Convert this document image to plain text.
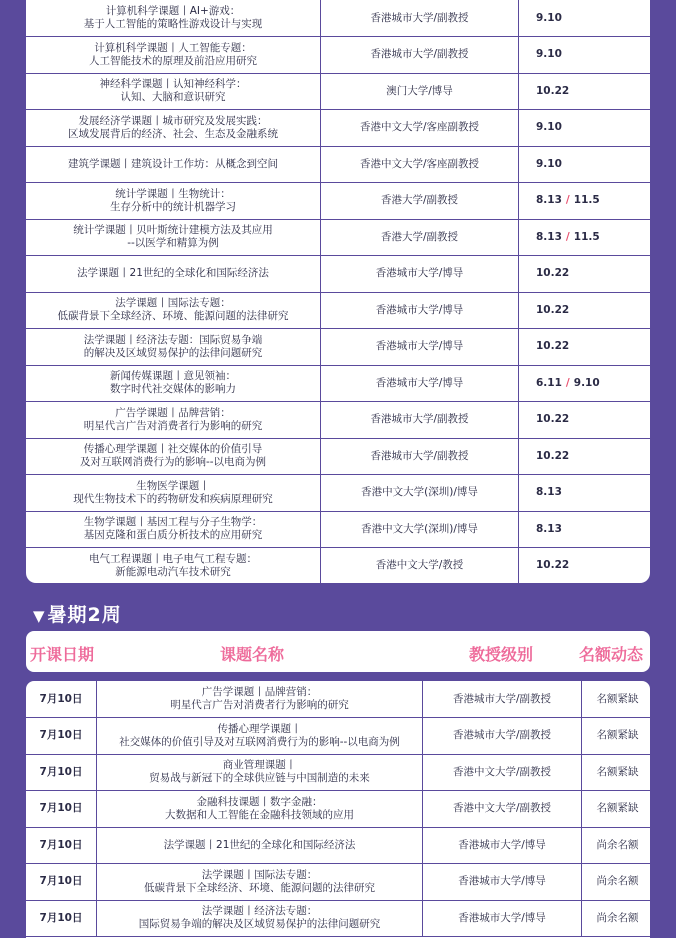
计算机科学课题丨AI+游戏：
基于人工智能的策略性游戏设计与实现	香港城市大学/副教授	9.10

计算机科学课题丨人工智能专题：
人工智能技术的原理及前沿应用研究	香港城市大学/副教授	9.10

神经科学课题丨认知神经科学：
认知、大脑和意识研究	澳门大学/博导	10.22

发展经济学课题丨城市研究及发展实践：
区域发展背后的经济、社会、生态及金融系统	香港中文大学/客座副教授	9.10

建筑学课题丨建筑设计工作坊：从概念到空间	香港中文大学/客座副教授	9.10

统计学课题丨生物统计：
生存分析中的统计机器学习	香港大学/副教授	8.13 / 11.5

统计学课题丨贝叶斯统计建模方法及其应用
--以医学和精算为例	香港大学/副教授	8.13 / 11.5

法学课题丨21世纪的全球化和国际经济法	香港城市大学/博导	10.22

法学课题丨国际法专题：
低碳背景下全球经济、环境、能源问题的法律研究	香港城市大学/博导	10.22

法学课题丨经济法专题：国际贸易争端
的解决及区域贸易保护的法律问题研究	香港城市大学/博导	10.22

新闻传媒课题丨意见领袖：
数字时代社交媒体的影响力	香港城市大学/博导	6.11 / 9.10

广告学课题丨品牌营销：
明星代言广告对消费者行为影响的研究	香港城市大学/副教授	10.22

传播心理学课题丨社交媒体的价值引导
及对互联网消费行为的影响--以电商为例	香港城市大学/副教授	10.22

生物医学课题丨
现代生物技术下的药物研发和疾病原理研究	香港中文大学(深圳)/博导	8.13

生物学课题丨基因工程与分子生物学：
基因克隆和蛋白质分析技术的应用研究	香港中文大学(深圳)/博导	8.13

电气工程课题丨电子电气工程专题：
新能源电动汽车技术研究	香港中文大学/教授	10.22
▼ 暑期2周
开课日期	课题名称	教授级别	名额动态
7月10日	广告学课题丨品牌营销：
明星代言广告对消费者行为影响的研究	香港城市大学/副教授	名额紧缺
7月10日	传播心理学课题丨
社交媒体的价值引导及对互联网消费行为的影响--以电商为例	香港城市大学/副教授	名额紧缺
7月10日	商业管理课题丨
贸易战与新冠下的全球供应链与中国制造的未来	香港中文大学/副教授	名额紧缺
7月10日	金融科技课题丨数字金融：
大数据和人工智能在金融科技领域的应用	香港中文大学/副教授	名额紧缺
7月10日	法学课题丨21世纪的全球化和国际经济法	香港城市大学/博导	尚余名额
7月10日	法学课题丨国际法专题：
低碳背景下全球经济、环境、能源问题的法律研究	香港城市大学/博导	尚余名额
7月10日	法学课题丨经济法专题：
国际贸易争端的解决及区域贸易保护的法律问题研究	香港城市大学/博导	尚余名额
